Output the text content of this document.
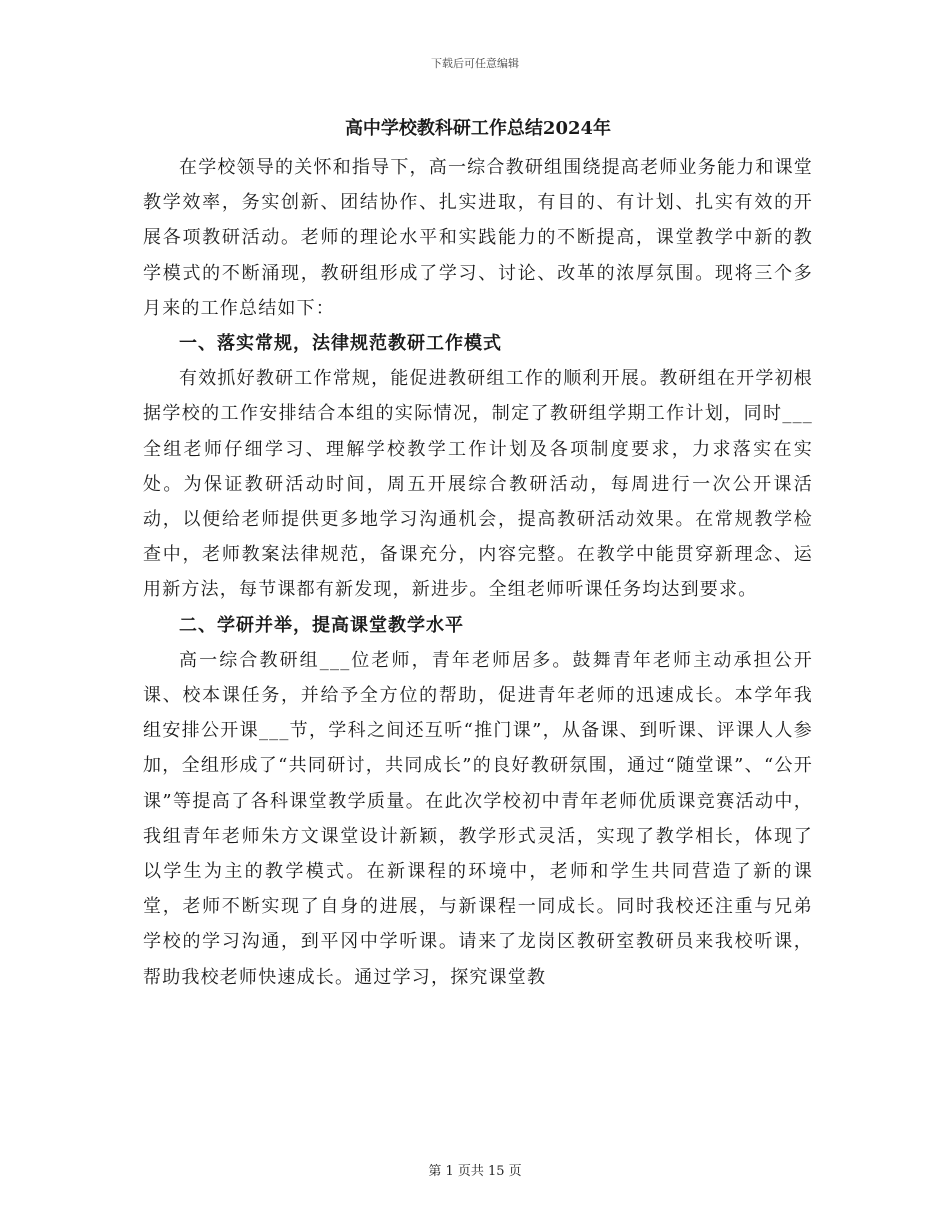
下载后可任意编辑
高中学校教科研工作总结2024年

在学校领导的关怀和指导下，高一综合教研组围绕提高老师业务能力和课堂教学效率，务实创新、团结协作、扎实进取，有目的、有计划、扎实有效的开展各项教研活动。老师的理论水平和实践能力的不断提高，课堂教学中新的教学模式的不断涌现，教研组形成了学习、讨论、改革的浓厚氛围。现将三个多月来的工作总结如下：

一、落实常规，法律规范教研工作模式

有效抓好教研工作常规，能促进教研组工作的顺利开展。教研组在开学初根据学校的工作安排结合本组的实际情况，制定了教研组学期工作计划，同时___全组老师仔细学习、理解学校教学工作计划及各项制度要求，力求落实在实处。为保证教研活动时间，周五开展综合教研活动，每周进行一次公开课活动，以便给老师提供更多地学习沟通机会，提高教研活动效果。在常规教学检查中，老师教案法律规范，备课充分，内容完整。在教学中能贯穿新理念、运用新方法，每节课都有新发现，新进步。全组老师听课任务均达到要求。

二、学研并举，提高课堂教学水平

高一综合教研组___位老师，青年老师居多。鼓舞青年老师主动承担公开课、校本课任务，并给予全方位的帮助，促进青年老师的迅速成长。本学年我组安排公开课___节，学科之间还互听“推门课”，从备课、到听课、评课人人参加，全组形成了“共同研讨，共同成长”的良好教研氛围，通过“随堂课”、“公开课”等提高了各科课堂教学质量。在此次学校初中青年老师优质课竞赛活动中，我组青年老师朱方文课堂设计新颖，教学形式灵活，实现了教学相长，体现了以学生为主的教学模式。在新课程的环境中，老师和学生共同营造了新的课堂，老师不断实现了自身的进展，与新课程一同成长。同时我校还注重与兄弟学校的学习沟通，到平冈中学听课。请来了龙岗区教研室教研员来我校听课，帮助我校老师快速成长。通过学习，探究课堂教

第 1 页共 15 页
